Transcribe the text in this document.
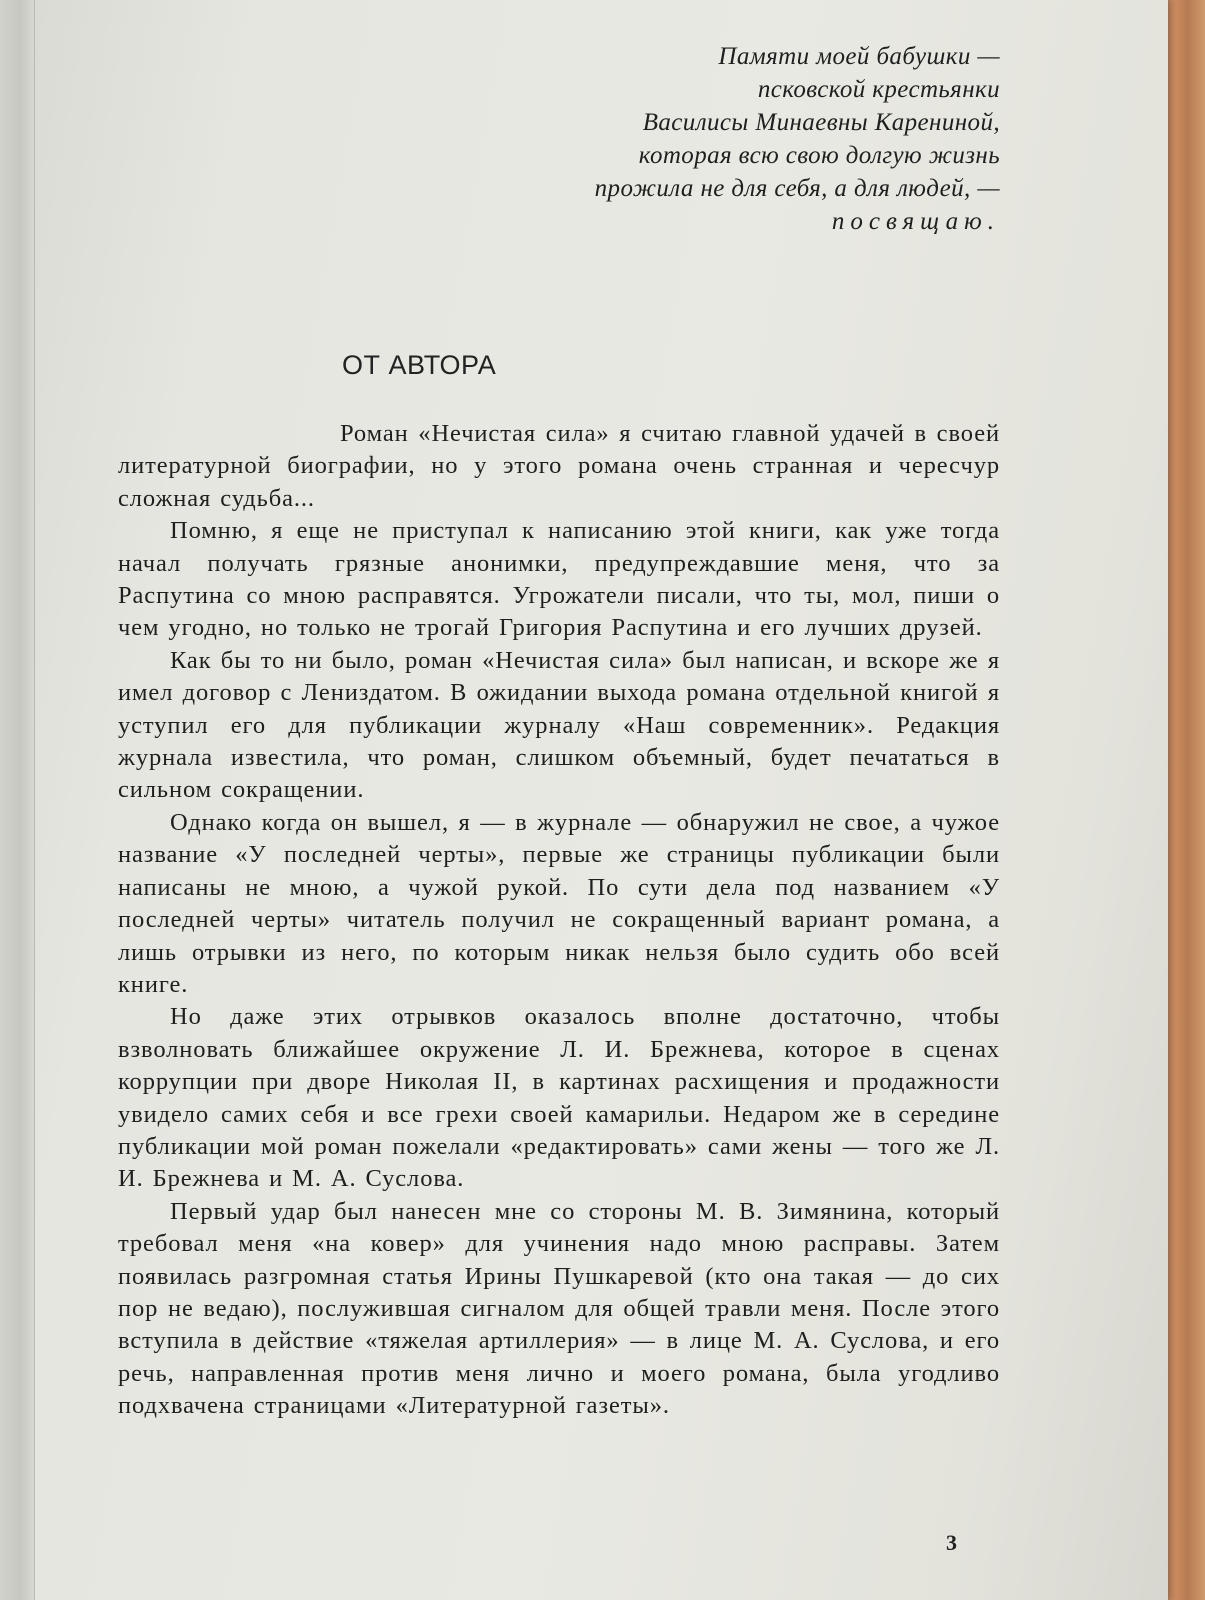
Памяти моей бабушки —
псковской крестьянки
Василисы Минаевны Карениной,
которая всю свою долгую жизнь
прожила не для себя, а для людей, —
посвящаю.
ОТ АВТОРА

Роман «Нечистая сила» я считаю главной удачей в своей литературной биографии, но у этого романа очень странная и чересчур сложная судьба...

Помню, я еще не приступал к написанию этой книги, как уже тогда начал получать грязные анонимки, предупреждавшие меня, что за Распутина со мною расправятся. Угрожатели писали, что ты, мол, пиши о чем угодно, но только не трогай Григория Распутина и его лучших друзей.

Как бы то ни было, роман «Нечистая сила» был написан, и вскоре же я имел договор с Лениздатом. В ожидании выхода романа отдельной книгой я уступил его для публикации журналу «Наш современник». Редакция журнала известила, что роман, слишком объемный, будет печататься в сильном сокращении.

Однако когда он вышел, я — в журнале — обнаружил не свое, а чужое название «У последней черты», первые же страницы публикации были написаны не мною, а чужой рукой. По сути дела под названием «У последней черты» читатель получил не сокращенный вариант романа, а лишь отрывки из него, по которым никак нельзя было судить обо всей книге.

Но даже этих отрывков оказалось вполне достаточно, чтобы взволновать ближайшее окружение Л. И. Брежнева, которое в сценах коррупции при дворе Николая II, в картинах расхищения и продажности увидело самих себя и все грехи своей камарильи. Недаром же в середине публикации мой роман пожелали «редактировать» сами жены — того же Л. И. Брежнева и М. А. Суслова.

Первый удар был нанесен мне со стороны М. В. Зимянина, который требовал меня «на ковер» для учинения надо мною расправы. Затем появилась разгромная статья Ирины Пушкаревой (кто она такая — до сих пор не ведаю), послужившая сигналом для общей травли меня. После этого вступила в действие «тяжелая артиллерия» — в лице М. А. Суслова, и его речь, направленная против меня лично и моего романа, была угодливо подхвачена страницами «Литературной газеты».

3
